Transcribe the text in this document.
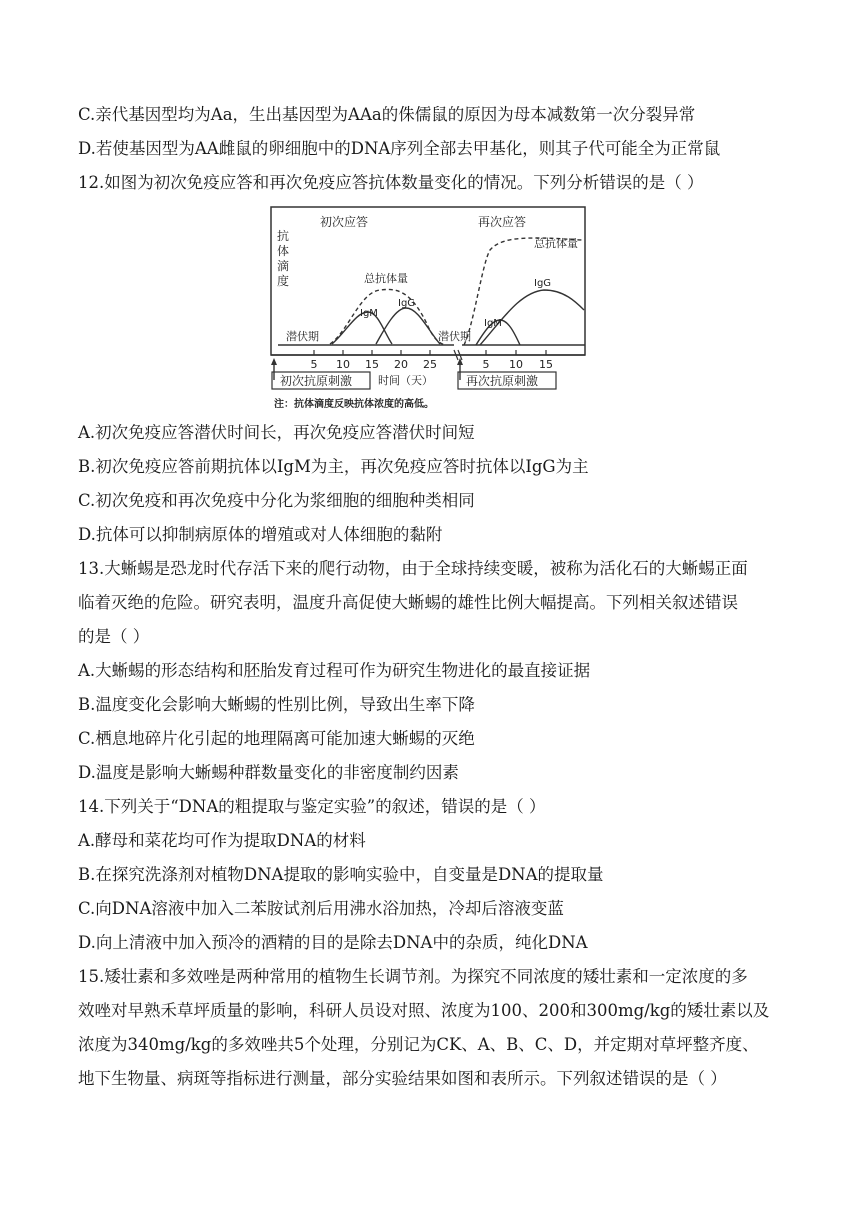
C.亲代基因型均为Aa，生出基因型为AAa的侏儒鼠的原因为母本减数第一次分裂异常
D.若使基因型为AA雌鼠的卵细胞中的DNA序列全部去甲基化，则其子代可能全为正常鼠
12.如图为初次免疫应答和再次免疫应答抗体数量变化的情况。下列分析错误的是（ ）
初次应答	再次应答
抗
体
滴
度	总抗体量
总抗体量
IgM
IgG
IgM
IgG
潜伏期	潜伏期
5 10 15 20 25	5 10 15
初次抗原刺激	再次抗原刺激
时间（天）
注：抗体滴度反映抗体浓度的高低。
A.初次免疫应答潜伏时间长，再次免疫应答潜伏时间短
B.初次免疫应答前期抗体以IgM为主，再次免疫应答时抗体以IgG为主
C.初次免疫和再次免疫中分化为浆细胞的细胞种类相同
D.抗体可以抑制病原体的增殖或对人体细胞的黏附
13.大蜥蜴是恐龙时代存活下来的爬行动物，由于全球持续变暖，被称为活化石的大蜥蜴正面
临着灭绝的危险。研究表明，温度升高促使大蜥蜴的雄性比例大幅提高。下列相关叙述错误
的是（ ）
A.大蜥蜴的形态结构和胚胎发育过程可作为研究生物进化的最直接证据
B.温度变化会影响大蜥蜴的性别比例，导致出生率下降
C.栖息地碎片化引起的地理隔离可能加速大蜥蜴的灭绝
D.温度是影响大蜥蜴种群数量变化的非密度制约因素
14.下列关于“DNA的粗提取与鉴定实验”的叙述，错误的是（ ）
A.酵母和菜花均可作为提取DNA的材料
B.在探究洗涤剂对植物DNA提取的影响实验中，自变量是DNA的提取量
C.向DNA溶液中加入二苯胺试剂后用沸水浴加热，冷却后溶液变蓝
D.向上清液中加入预冷的酒精的目的是除去DNA中的杂质，纯化DNA
15.矮壮素和多效唑是两种常用的植物生长调节剂。为探究不同浓度的矮壮素和一定浓度的多
效唑对早熟禾草坪质量的影响，科研人员设对照、浓度为100、200和300mg/kg的矮壮素以及
浓度为340mg/kg的多效唑共5个处理，分别记为CK、A、B、C、D，并定期对草坪整齐度、
地下生物量、病斑等指标进行测量，部分实验结果如图和表所示。下列叙述错误的是（ ）
